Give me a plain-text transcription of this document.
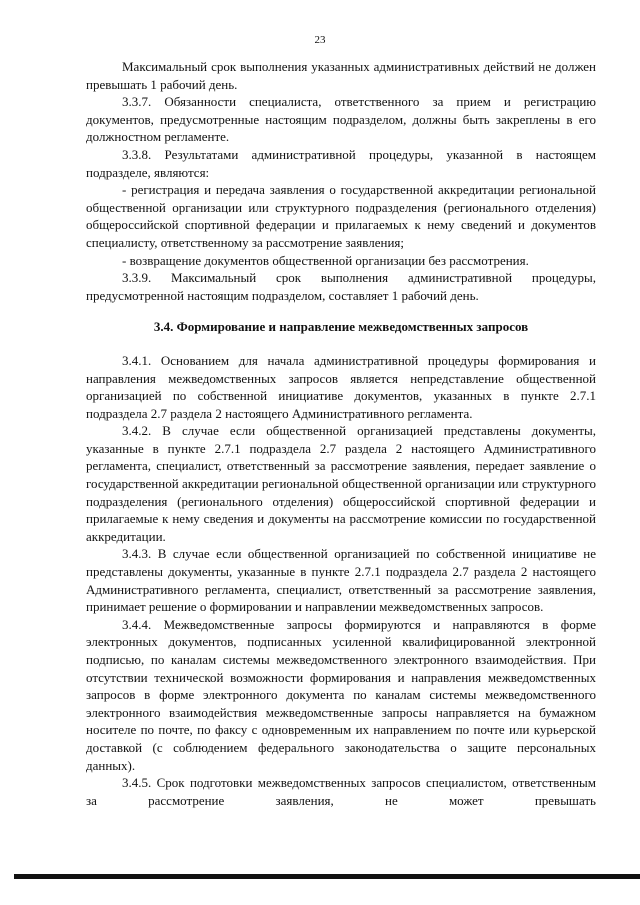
23

Максимальный срок выполнения указанных административных действий не должен превышать 1 рабочий день.

3.3.7. Обязанности специалиста, ответственного за прием и регистрацию документов, предусмотренные настоящим подразделом, должны быть закреплены в его должностном регламенте.

3.3.8. Результатами административной процедуры, указанной в настоящем подразделе, являются:

- регистрация и передача заявления о государственной аккредитации региональной общественной организации или структурного подразделения (регионального отделения) общероссийской спортивной федерации и прилагаемых к нему сведений и документов специалисту, ответственному за рассмотрение заявления;

- возвращение документов общественной организации без рассмотрения.

3.3.9. Максимальный срок выполнения административной процедуры, предусмотренной настоящим подразделом, составляет 1 рабочий день.

3.4. Формирование и направление межведомственных запросов

3.4.1. Основанием для начала административной процедуры формирования и направления межведомственных запросов является непредставление общественной организацией по собственной инициативе документов, указанных в пункте 2.7.1 подраздела 2.7 раздела 2 настоящего Административного регламента.

3.4.2. В случае если общественной организацией представлены документы, указанные в пункте 2.7.1 подраздела 2.7 раздела 2 настоящего Административного регламента, специалист, ответственный за рассмотрение заявления, передает заявление о государственной аккредитации региональной общественной организации или структурного подразделения (регионального отделения) общероссийской спортивной федерации и прилагаемые к нему сведения и документы на рассмотрение комиссии по государственной аккредитации.

3.4.3. В случае если общественной организацией по собственной инициативе не представлены документы, указанные в пункте 2.7.1 подраздела 2.7 раздела 2 настоящего Административного регламента, специалист, ответственный за рассмотрение заявления, принимает решение о формировании и направлении межведомственных запросов.

3.4.4. Межведомственные запросы формируются и направляются в форме электронных документов, подписанных усиленной квалифицированной электронной подписью, по каналам системы межведомственного электронного взаимодействия. При отсутствии технической возможности формирования и направления межведомственных запросов в форме электронного документа по каналам системы межведомственного электронного взаимодействия межведомственные запросы направляется на бумажном носителе по почте, по факсу с одновременным их направлением по почте или курьерской доставкой (с соблюдением федерального законодательства о защите персональных данных).

3.4.5. Срок подготовки межведомственных запросов специалистом, ответственным за рассмотрение заявления, не может превышать
